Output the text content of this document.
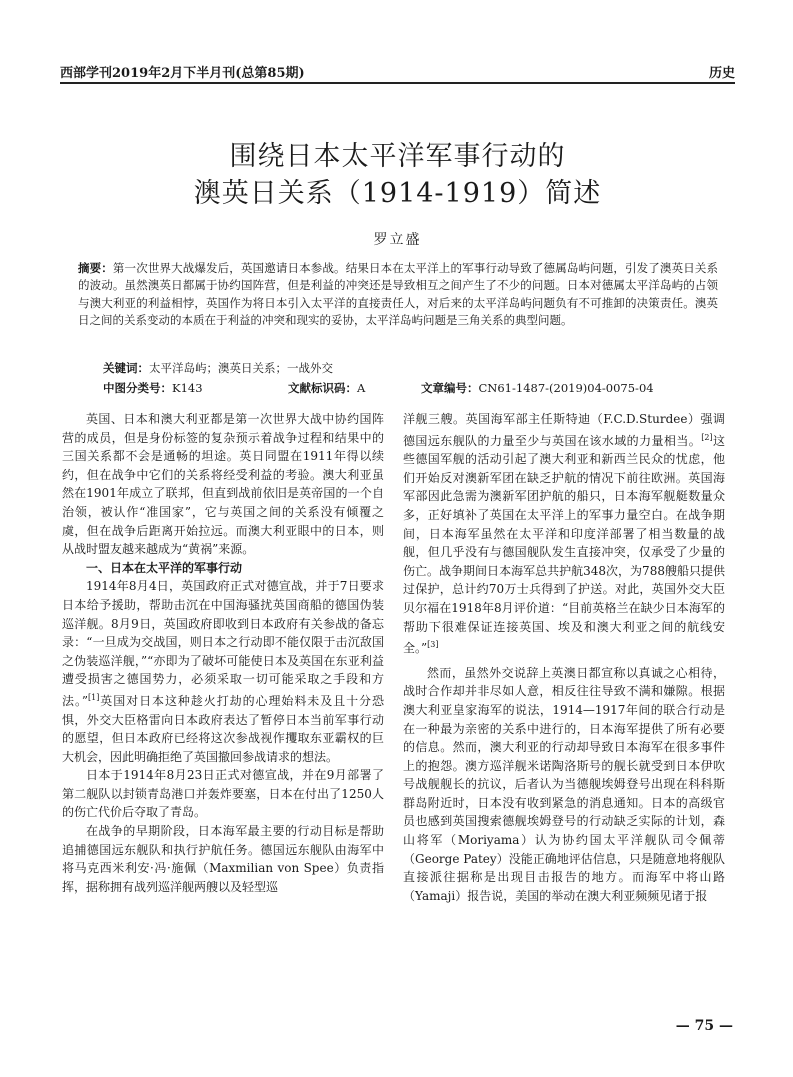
西部学刊2019年2月下半月刊(总第85期)	历史
围绕日本太平洋军事行动的
澳英日关系（1914-1919）简述
罗立盛
摘要：第一次世界大战爆发后，英国邀请日本参战。结果日本在太平洋上的军事行动导致了德属岛屿问题，引发了澳英日关系的波动。虽然澳英日都属于协约国阵营，但是利益的冲突还是导致相互之间产生了不少的问题。日本对德属太平洋岛屿的占领与澳大利亚的利益相悖，英国作为将日本引入太平洋的直接责任人，对后来的太平洋岛屿问题负有不可推卸的决策责任。澳英日之间的关系变动的本质在于利益的冲突和现实的妥协，太平洋岛屿问题是三角关系的典型问题。
关键词：太平洋岛屿；澳英日关系；一战外交
中图分类号：K143	文献标识码：A	文章编号：CN61-1487-(2019)04-0075-04

英国、日本和澳大利亚都是第一次世界大战中协约国阵营的成员，但是身份标签的复杂预示着战争过程和结果中的三国关系都不会是通畅的坦途。英日同盟在1911年得以续约，但在战争中它们的关系将经受利益的考验。澳大利亚虽然在1901年成立了联邦，但直到战前依旧是英帝国的一个自治领，被认作“准国家”，它与英国之间的关系没有倾覆之虞，但在战争后距离开始拉远。而澳大利亚眼中的日本，则从战时盟友越来越成为“黄祸”来源。

一、日本在太平洋的军事行动

1914年8月4日，英国政府正式对德宣战，并于7日要求日本给予援助，帮助击沉在中国海骚扰英国商船的德国伪装巡洋舰。8月9日，英国政府即收到日本政府有关参战的备忘录：“一旦成为交战国，则日本之行动即不能仅限于击沉敌国之伪装巡洋舰，”“亦即为了破坏可能使日本及英国在东亚利益遭受损害之德国势力，必须采取一切可能采取之手段和方法。”[1]英国对日本这种趁火打劫的心理始料未及且十分恐惧，外交大臣格雷向日本政府表达了暂停日本当前军事行动的愿望，但日本政府已经将这次参战视作攫取东亚霸权的巨大机会，因此明确拒绝了英国撤回参战请求的想法。

日本于1914年8月23日正式对德宣战，并在9月部署了第二舰队以封锁青岛港口并轰炸要塞，日本在付出了1250人的伤亡代价后夺取了青岛。

在战争的早期阶段，日本海军最主要的行动目标是帮助追捕德国远东舰队和执行护航任务。德国远东舰队由海军中将马克西米利安·冯·施佩（Maxmilian von Spee）负责指挥，据称拥有战列巡洋舰两艘以及轻型巡

洋舰三艘。英国海军部主任斯特迪（F.C.D.Sturdee）强调德国远东舰队的力量至少与英国在该水域的力量相当。[2]这些德国军舰的活动引起了澳大利亚和新西兰民众的忧虑，他们开始反对澳新军团在缺乏护航的情况下前往欧洲。英国海军部因此急需为澳新军团护航的船只，日本海军舰艇数量众多，正好填补了英国在太平洋上的军事力量空白。在战争期间，日本海军虽然在太平洋和印度洋部署了相当数量的战舰，但几乎没有与德国舰队发生直接冲突，仅承受了少量的伤亡。战争期间日本海军总共护航348次，为788艘船只提供过保护，总计约70万士兵得到了护送。对此，英国外交大臣贝尔福在1918年8月评价道：“目前英格兰在缺少日本海军的帮助下很难保证连接英国、埃及和澳大利亚之间的航线安全。”[3]

然而，虽然外交说辞上英澳日都宣称以真诚之心相待，战时合作却并非尽如人意，相反往往导致不满和嫌隙。根据澳大利亚皇家海军的说法，1914—1917年间的联合行动是在一种最为亲密的关系中进行的，日本海军提供了所有必要的信息。然而，澳大利亚的行动却导致日本海军在很多事件上的抱怨。澳方巡洋舰米诺陶洛斯号的舰长就受到日本伊吹号战舰舰长的抗议，后者认为当德舰埃姆登号出现在科科斯群岛附近时，日本没有收到紧急的消息通知。日本的高级官员也感到英国搜索德舰埃姆登号的行动缺乏实际的计划，森山将军（Moriyama）认为协约国太平洋舰队司令佩蒂（George Patey）没能正确地评估信息，只是随意地将舰队直接派往据称是出现目击报告的地方。而海军中将山路（Yamaji）报告说，美国的举动在澳大利亚频频见诸于报

— 75 —
